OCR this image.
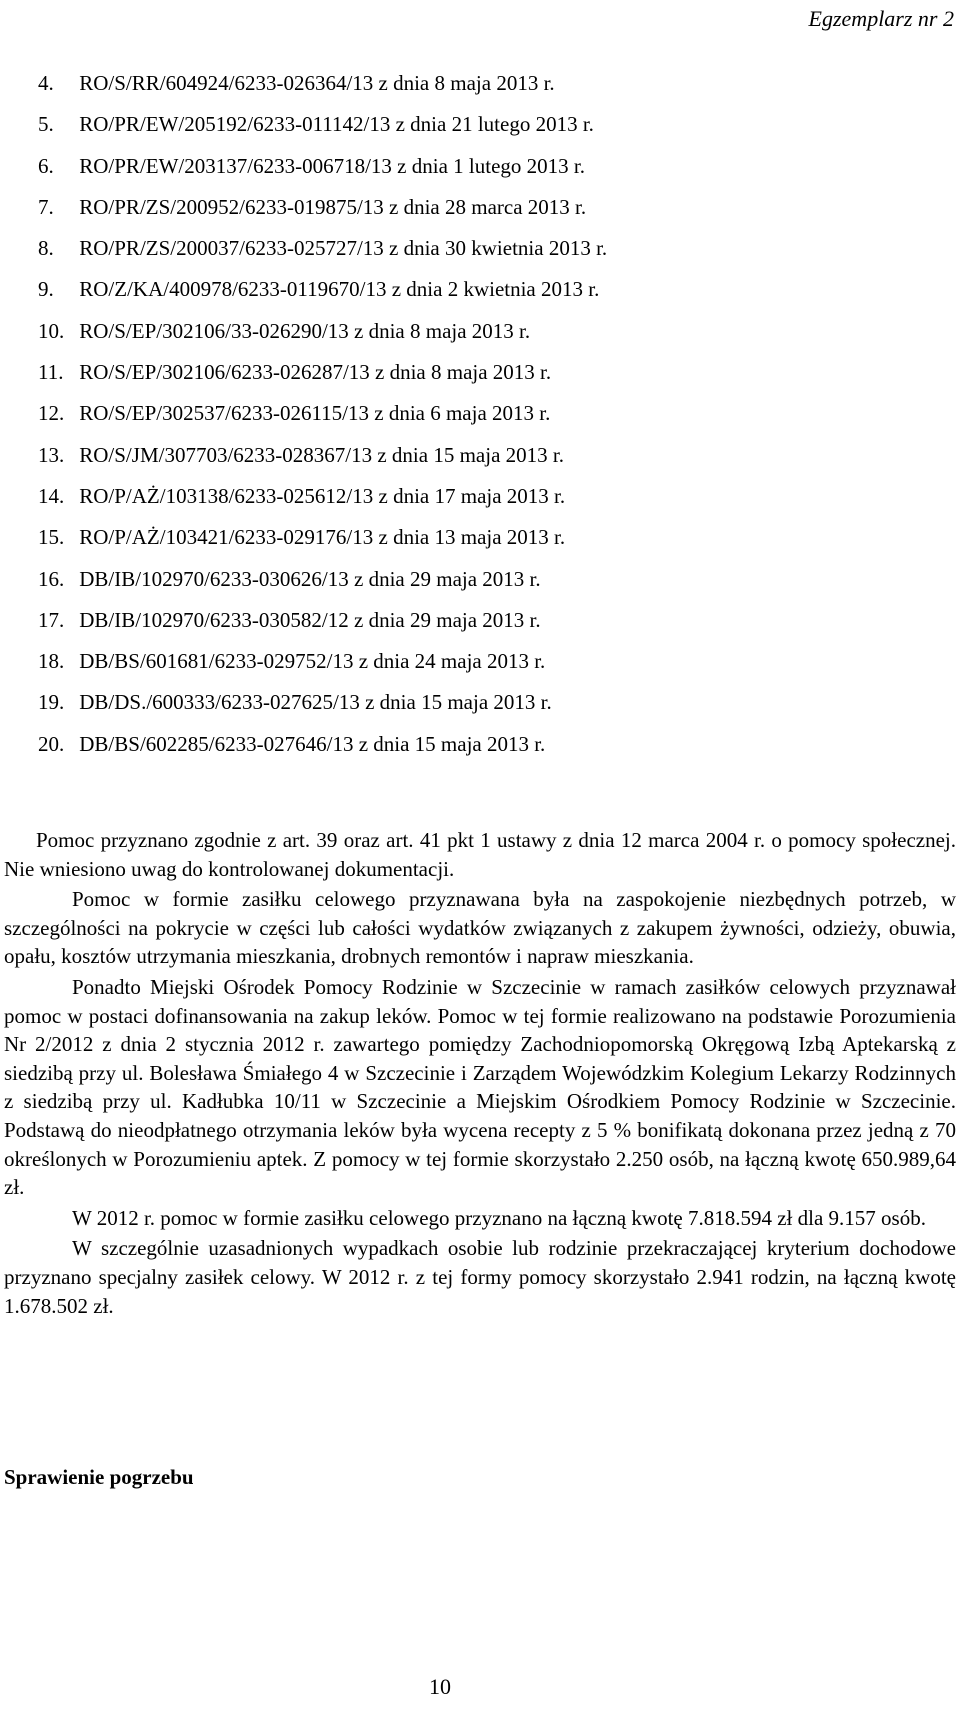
Egzemplarz nr 2
4. RO/S/RR/604924/6233-026364/13 z dnia 8 maja 2013 r.
5. RO/PR/EW/205192/6233-011142/13 z dnia 21 lutego 2013 r.
6. RO/PR/EW/203137/6233-006718/13 z dnia 1 lutego 2013 r.
7. RO/PR/ZS/200952/6233-019875/13 z dnia 28 marca 2013 r.
8. RO/PR/ZS/200037/6233-025727/13 z dnia 30 kwietnia 2013 r.
9. RO/Z/KA/400978/6233-0119670/13 z dnia 2 kwietnia 2013 r.
10. RO/S/EP/302106/33-026290/13 z dnia 8 maja 2013 r.
11. RO/S/EP/302106/6233-026287/13 z dnia 8 maja 2013 r.
12. RO/S/EP/302537/6233-026115/13 z dnia 6 maja 2013 r.
13. RO/S/JM/307703/6233-028367/13 z dnia 15 maja 2013 r.
14. RO/P/AŻ/103138/6233-025612/13 z dnia 17 maja 2013 r.
15. RO/P/AŻ/103421/6233-029176/13 z dnia 13 maja 2013 r.
16. DB/IB/102970/6233-030626/13 z dnia 29 maja 2013 r.
17. DB/IB/102970/6233-030582/12 z dnia 29 maja 2013 r.
18. DB/BS/601681/6233-029752/13 z dnia 24 maja 2013 r.
19. DB/DS./600333/6233-027625/13 z dnia 15 maja 2013 r.
20. DB/BS/602285/6233-027646/13 z dnia 15 maja 2013 r.

Pomoc przyznano zgodnie z art. 39 oraz art. 41 pkt 1 ustawy z dnia 12 marca 2004 r. o pomocy społecznej. Nie wniesiono uwag do kontrolowanej dokumentacji.

Pomoc w formie zasiłku celowego przyznawana była na zaspokojenie niezbędnych potrzeb, w szczególności na pokrycie w części lub całości wydatków związanych z zakupem żywności, odzieży, obuwia, opału, kosztów utrzymania mieszkania, drobnych remontów i napraw mieszkania.

Ponadto Miejski Ośrodek Pomocy Rodzinie w Szczecinie w ramach zasiłków celowych przyznawał pomoc w postaci dofinansowania na zakup leków. Pomoc w tej formie realizowano na podstawie Porozumienia Nr 2/2012 z dnia 2 stycznia 2012 r. zawartego pomiędzy Zachodniopomorską Okręgową Izbą Aptekarską z siedzibą przy ul. Bolesława Śmiałego 4 w Szczecinie i Zarządem Wojewódzkim Kolegium Lekarzy Rodzinnych z siedzibą przy ul. Kadłubka 10/11 w Szczecinie a Miejskim Ośrodkiem Pomocy Rodzinie w Szczecinie. Podstawą do nieodpłatnego otrzymania leków była wycena recepty z 5 % bonifikatą dokonana przez jedną z 70 określonych w Porozumieniu aptek. Z pomocy w tej formie skorzystało 2.250 osób, na łączną kwotę 650.989,64 zł.

W 2012 r. pomoc w formie zasiłku celowego przyznano na łączną kwotę 7.818.594 zł dla 9.157 osób.

W szczególnie uzasadnionych wypadkach osobie lub rodzinie przekraczającej kryterium dochodowe przyznano specjalny zasiłek celowy. W 2012 r. z tej formy pomocy skorzystało 2.941 rodzin, na łączną kwotę 1.678.502 zł.

Sprawienie pogrzebu

10
